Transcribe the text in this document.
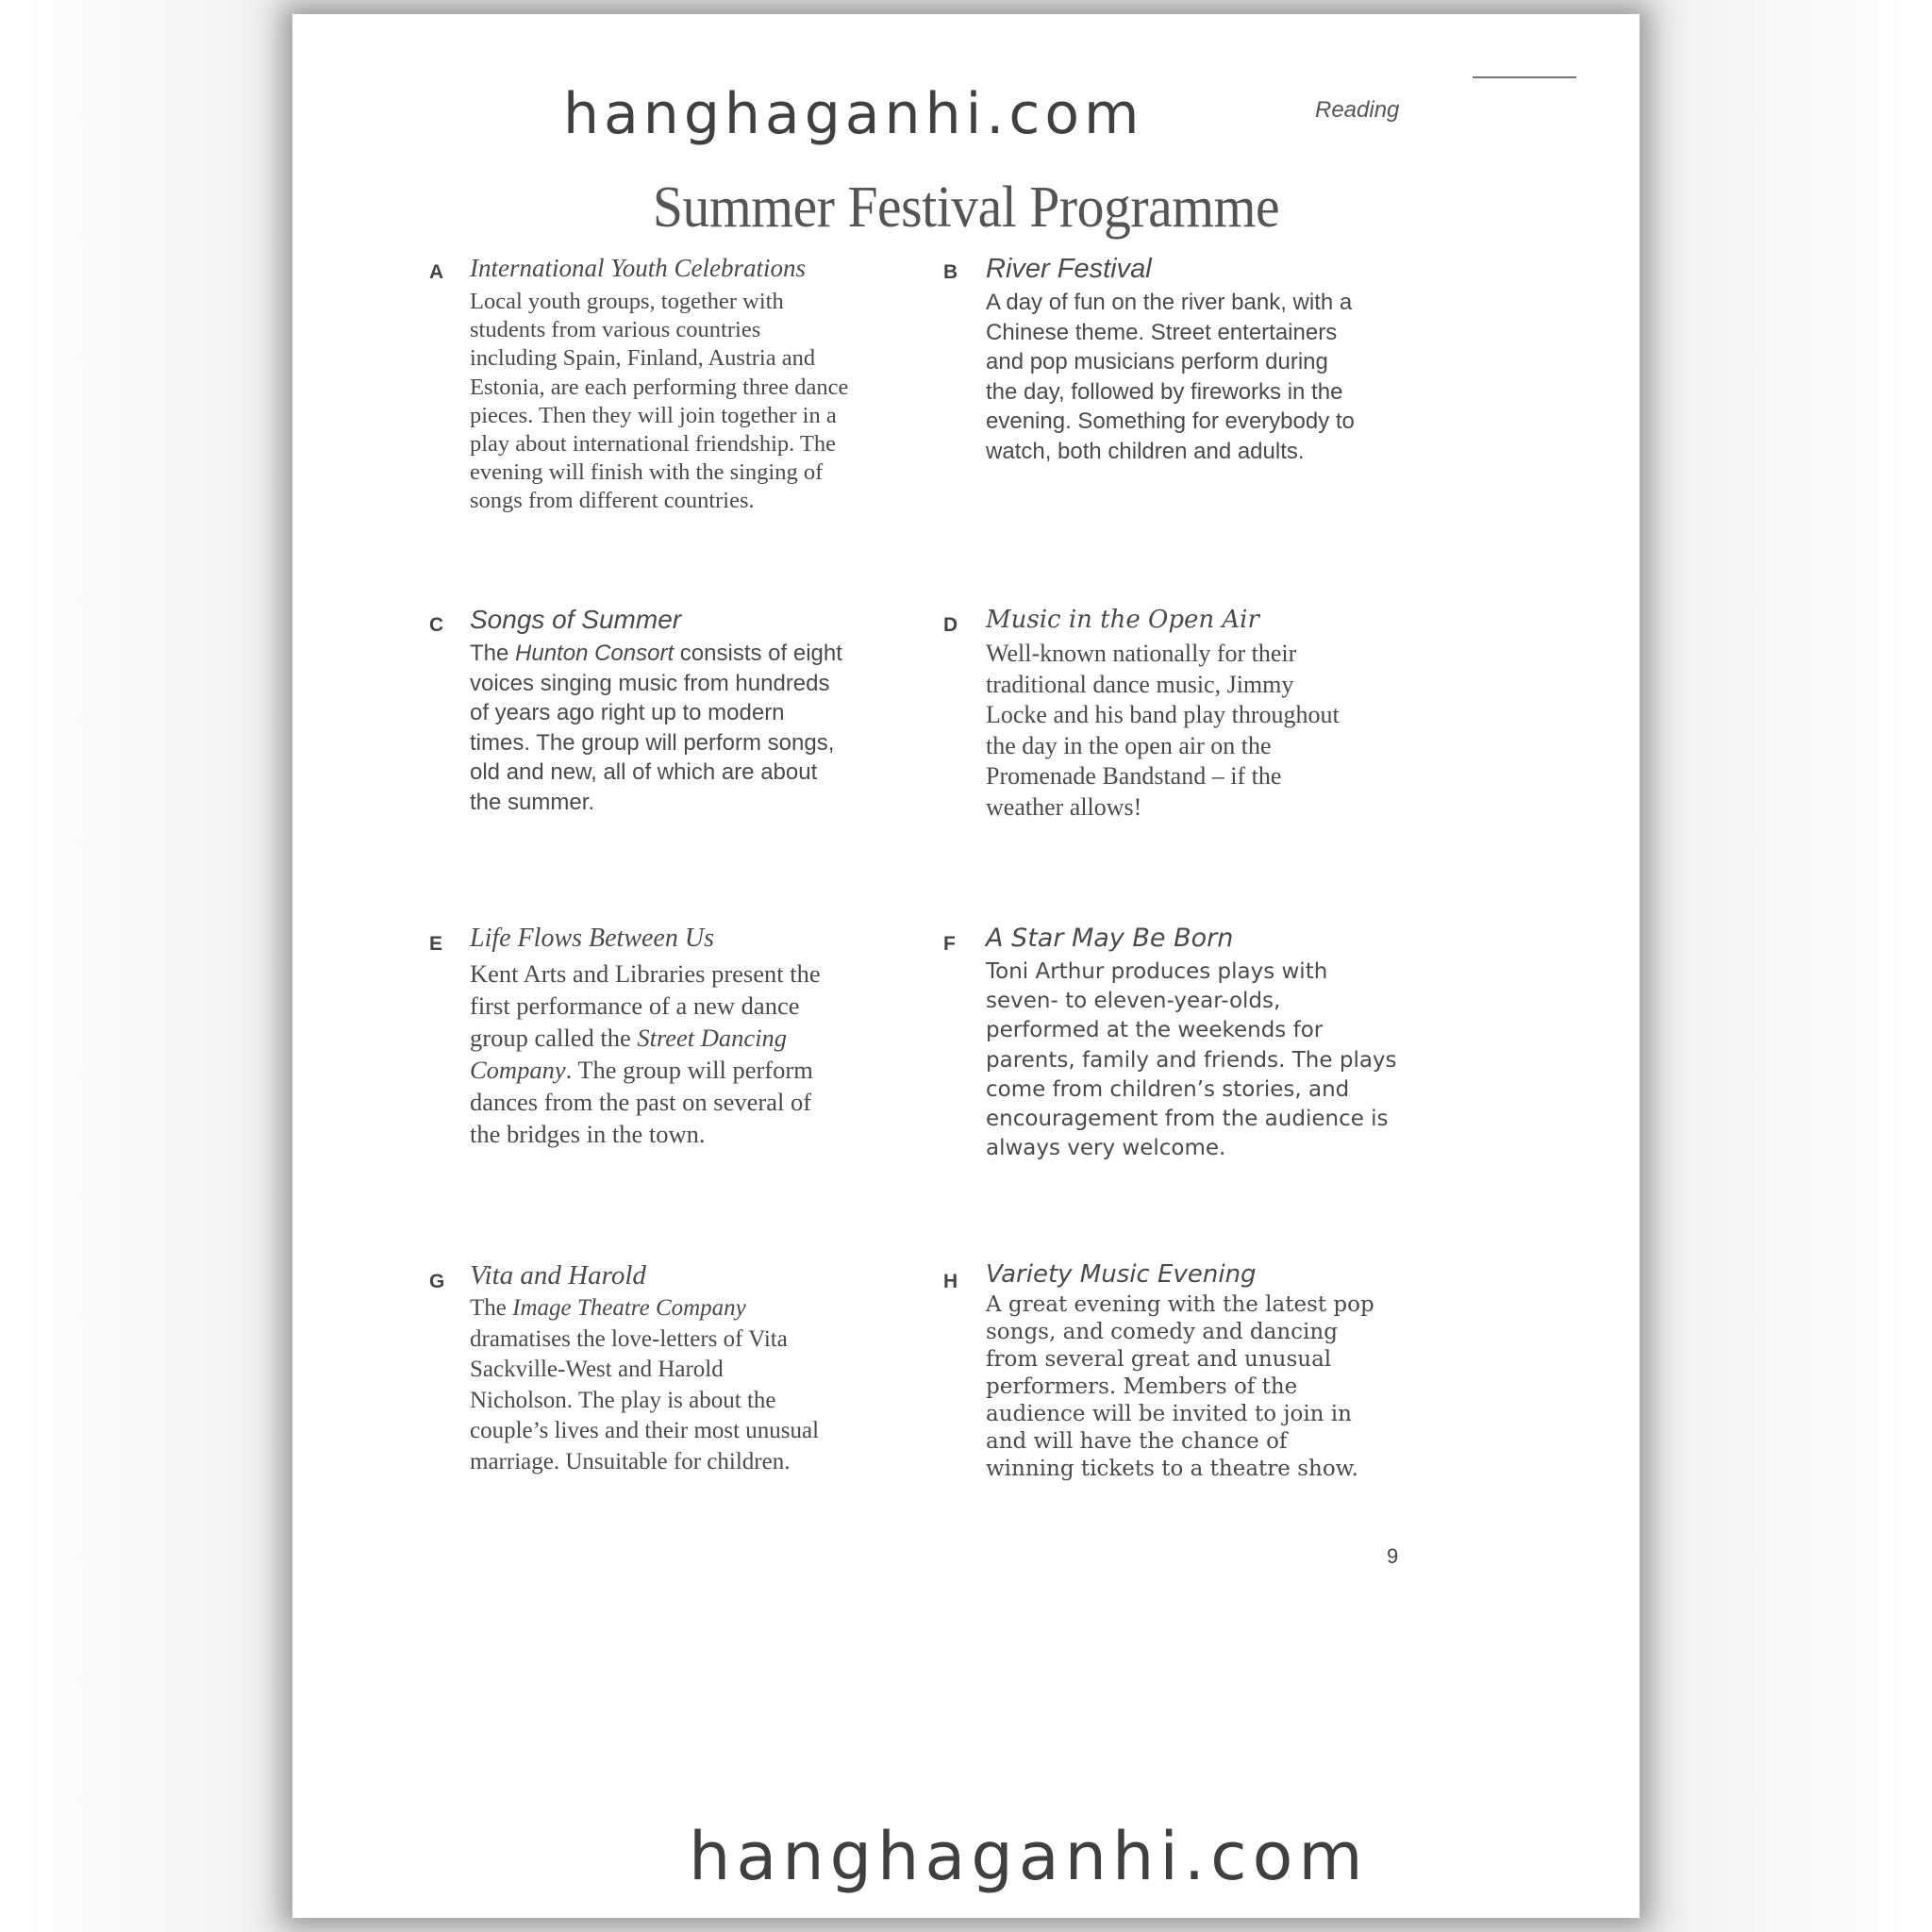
hanghaganhi.com	Reading
Summer Festival Programme
A International Youth Celebrations
Local youth groups, together with
students from various countries
including Spain, Finland, Austria and
Estonia, are each performing three dance
pieces. Then they will join together in a
play about international friendship. The
evening will finish with the singing of
songs from different countries.
B River Festival
A day of fun on the river bank, with a
Chinese theme. Street entertainers
and pop musicians perform during
the day, followed by fireworks in the
evening. Something for everybody to
watch, both children and adults.
C Songs of Summer
The Hunton Consort consists of eight
voices singing music from hundreds
of years ago right up to modern
times. The group will perform songs,
old and new, all of which are about
the summer.
D Music in the Open Air
Well-known nationally for their
traditional dance music, Jimmy
Locke and his band play throughout
the day in the open air on the
Promenade Bandstand – if the
weather allows!
E Life Flows Between Us
Kent Arts and Libraries present the
first performance of a new dance
group called the Street Dancing
Company. The group will perform
dances from the past on several of
the bridges in the town.
F A Star May Be Born
Toni Arthur produces plays with
seven- to eleven-year-olds,
performed at the weekends for
parents, family and friends. The plays
come from children’s stories, and
encouragement from the audience is
always very welcome.
G Vita and Harold
The Image Theatre Company
dramatises the love-letters of Vita
Sackville-West and Harold
Nicholson. The play is about the
couple’s lives and their most unusual
marriage. Unsuitable for children.
H Variety Music Evening
A great evening with the latest pop
songs, and comedy and dancing
from several great and unusual
performers. Members of the
audience will be invited to join in
and will have the chance of
winning tickets to a theatre show.
9
hanghaganhi.com
